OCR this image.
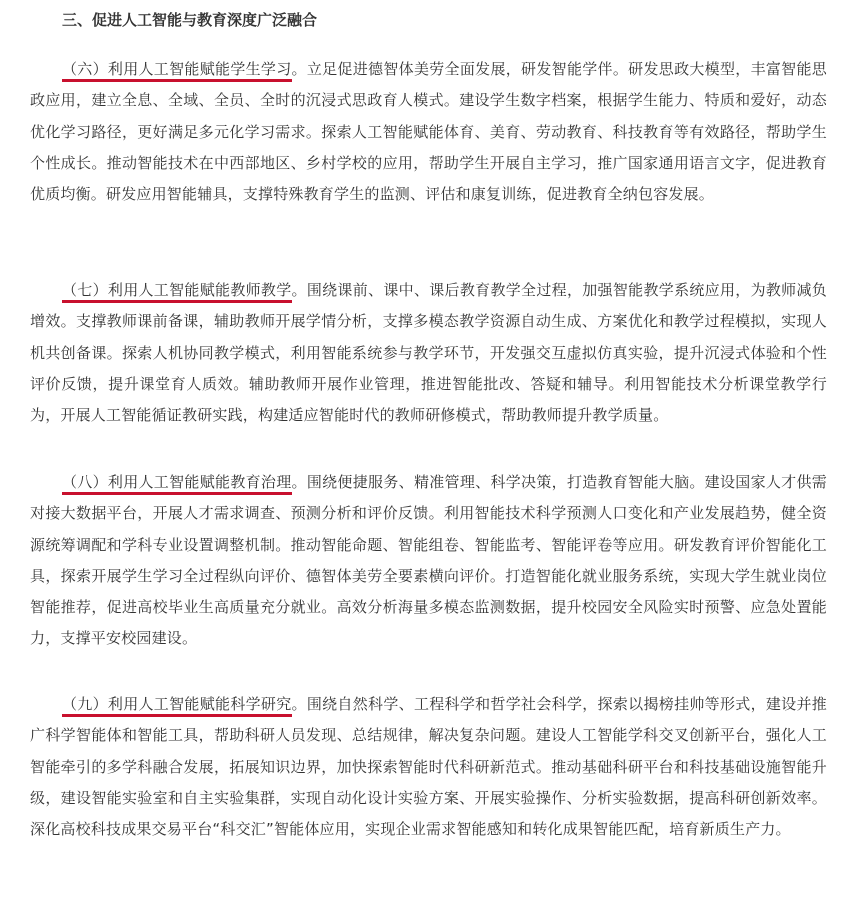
三、促进人工智能与教育深度广泛融合

（六）利用人工智能赋能学生学习。立足促进德智体美劳全面发展，研发智能学伴。研发思政大模型，丰富智能思政应用，建立全息、全域、全员、全时的沉浸式思政育人模式。建设学生数字档案，根据学生能力、特质和爱好，动态优化学习路径，更好满足多元化学习需求。探索人工智能赋能体育、美育、劳动教育、科技教育等有效路径，帮助学生个性成长。推动智能技术在中西部地区、乡村学校的应用，帮助学生开展自主学习，推广国家通用语言文字，促进教育优质均衡。研发应用智能辅具，支撑特殊教育学生的监测、评估和康复训练，促进教育全纳包容发展。

（七）利用人工智能赋能教师教学。围绕课前、课中、课后教育教学全过程，加强智能教学系统应用，为教师减负增效。支撑教师课前备课，辅助教师开展学情分析，支撑多模态教学资源自动生成、方案优化和教学过程模拟，实现人机共创备课。探索人机协同教学模式，利用智能系统参与教学环节，开发强交互虚拟仿真实验，提升沉浸式体验和个性评价反馈，提升课堂育人质效。辅助教师开展作业管理，推进智能批改、答疑和辅导。利用智能技术分析课堂教学行为，开展人工智能循证教研实践，构建适应智能时代的教师研修模式，帮助教师提升教学质量。

（八）利用人工智能赋能教育治理。围绕便捷服务、精准管理、科学决策，打造教育智能大脑。建设国家人才供需对接大数据平台，开展人才需求调查、预测分析和评价反馈。利用智能技术科学预测人口变化和产业发展趋势，健全资源统筹调配和学科专业设置调整机制。推动智能命题、智能组卷、智能监考、智能评卷等应用。研发教育评价智能化工具，探索开展学生学习全过程纵向评价、德智体美劳全要素横向评价。打造智能化就业服务系统，实现大学生就业岗位智能推荐，促进高校毕业生高质量充分就业。高效分析海量多模态监测数据，提升校园安全风险实时预警、应急处置能力，支撑平安校园建设。

（九）利用人工智能赋能科学研究。围绕自然科学、工程科学和哲学社会科学，探索以揭榜挂帅等形式，建设并推广科学智能体和智能工具，帮助科研人员发现、总结规律，解决复杂问题。建设人工智能学科交叉创新平台，强化人工智能牵引的多学科融合发展，拓展知识边界，加快探索智能时代科研新范式。推动基础科研平台和科技基础设施智能升级，建设智能实验室和自主实验集群，实现自动化设计实验方案、开展实验操作、分析实验数据，提高科研创新效率。深化高校科技成果交易平台“科交汇”智能体应用，实现企业需求智能感知和转化成果智能匹配，培育新质生产力。
